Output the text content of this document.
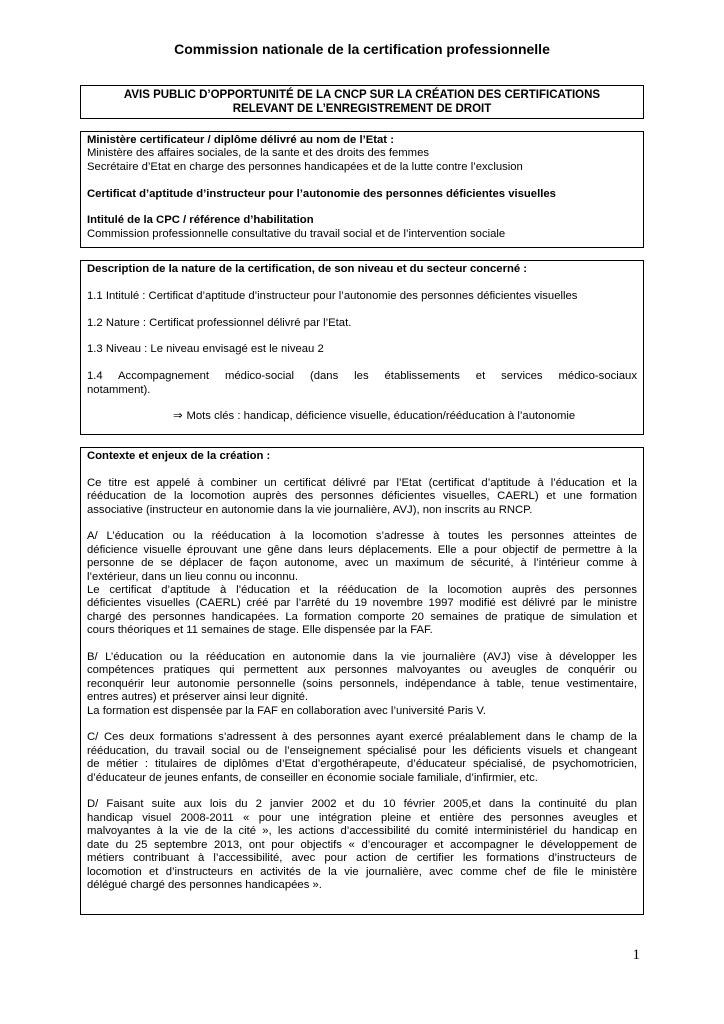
Commission nationale de la certification professionnelle
AVIS PUBLIC D’OPPORTUNITÉ DE LA CNCP SUR LA CRÉATION DES CERTIFICATIONS
RELEVANT DE L’ENREGISTREMENT DE DROIT
Ministère certificateur / diplôme délivré au nom de l’Etat :
Ministère des affaires sociales, de la sante et des droits des femmes
Secrétaire d’Etat en charge des personnes handicapées et de la lutte contre l’exclusion
Certificat d’aptitude d’instructeur pour l’autonomie des personnes déficientes visuelles
Intitulé de la CPC / référence d’habilitation
Commission professionnelle consultative du travail social et de l’intervention sociale
Description de la nature de la certification, de son niveau et du secteur concerné :
1.1 Intitulé : Certificat d’aptitude d’instructeur pour l’autonomie des personnes déficientes visuelles
1.2 Nature : Certificat professionnel délivré par l’Etat.
1.3 Niveau : Le niveau envisagé est le niveau 2
1.4 Accompagnement médico-social (dans les établissements et services médico-sociaux
notamment).
⇒ Mots clés : handicap, déficience visuelle, éducation/rééducation à l’autonomie
Contexte et enjeux de la création :
Ce titre est appelé à combiner un certificat délivré par l’Etat (certificat d’aptitude à l’éducation et la
rééducation de la locomotion auprès des personnes déficientes visuelles, CAERL) et une formation
associative (instructeur en autonomie dans la vie journalière, AVJ), non inscrits au RNCP.
A/ L’éducation ou la rééducation à la locomotion s’adresse à toutes les personnes atteintes de
déficience visuelle éprouvant une gêne dans leurs déplacements. Elle a pour objectif de permettre à la
personne de se déplacer de façon autonome, avec un maximum de sécurité, à l’intérieur comme à
l’extérieur, dans un lieu connu ou inconnu.
Le certificat d’aptitude à l’éducation et la rééducation de la locomotion auprès des personnes
déficientes visuelles (CAERL) créé par l’arrêté du 19 novembre 1997 modifié est délivré par le ministre
chargé des personnes handicapées. La formation comporte 20 semaines de pratique de simulation et
cours théoriques et 11 semaines de stage. Elle dispensée par la FAF.
B/ L’éducation ou la rééducation en autonomie dans la vie journalière (AVJ) vise à développer les
compétences pratiques qui permettent aux personnes malvoyantes ou aveugles de conquérir ou
reconquérir leur autonomie personnelle (soins personnels, indépendance à table, tenue vestimentaire,
entres autres) et préserver ainsi leur dignité.
La formation est dispensée par la FAF en collaboration avec l’université Paris V.
C/ Ces deux formations s’adressent à des personnes ayant exercé préalablement dans le champ de la
rééducation, du travail social ou de l’enseignement spécialisé pour les déficients visuels et changeant
de métier : titulaires de diplômes d’Etat d’ergothérapeute, d’éducateur spécialisé, de psychomotricien,
d’éducateur de jeunes enfants, de conseiller en économie sociale familiale, d’infirmier, etc.
D/ Faisant suite aux lois du 2 janvier 2002 et du 10 février 2005,et dans la continuité du plan
handicap visuel 2008-2011 « pour une intégration pleine et entière des personnes aveugles et
malvoyantes à la vie de la cité », les actions d’accessibilité du comité interministériel du handicap en
date du 25 septembre 2013, ont pour objectifs « d’encourager et accompagner le développement de
métiers contribuant à l’accessibilité, avec pour action de certifier les formations d’instructeurs de
locomotion et d’instructeurs en activités de la vie journalière, avec comme chef de file le ministère
délégué chargé des personnes handicapées ».
1
